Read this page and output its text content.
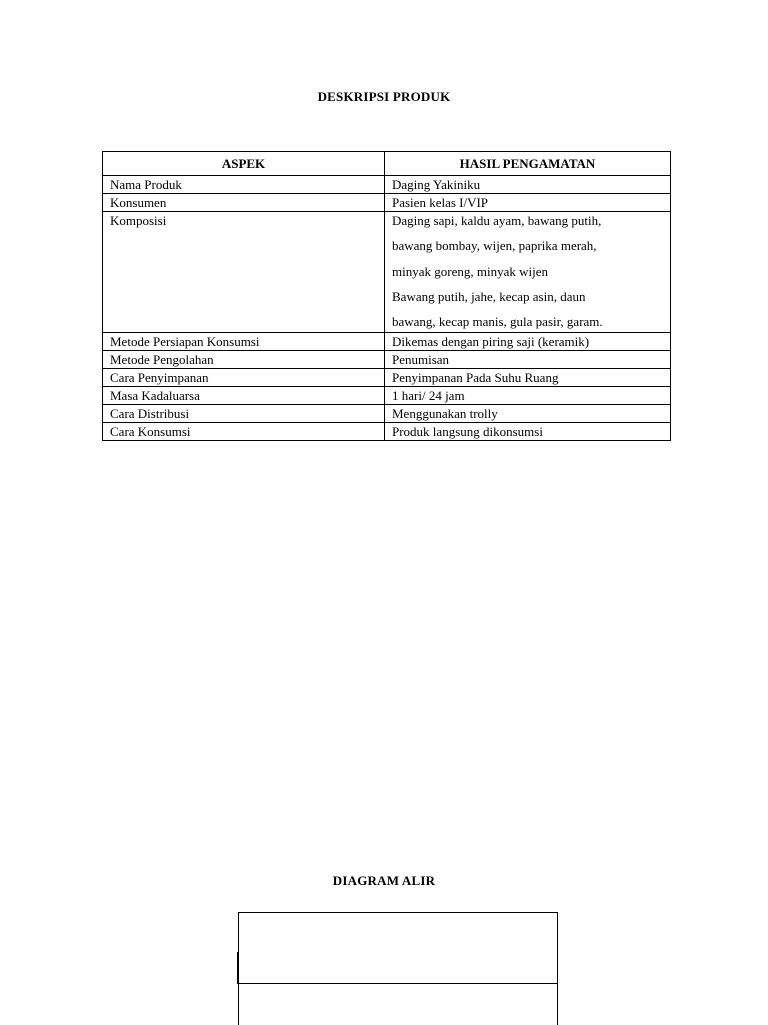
DESKRIPSI PRODUK
ASPEK	HASIL PENGAMATAN
Nama Produk	Daging Yakiniku
Konsumen	Pasien kelas I/VIP
Komposisi	Daging sapi, kaldu ayam, bawang putih,
bawang bombay, wijen, paprika merah,
minyak goreng, minyak wijen
Bawang putih, jahe, kecap asin, daun
bawang, kecap manis, gula pasir, garam.

Metode Persiapan Konsumsi	Dikemas dengan piring saji (keramik)
Metode Pengolahan	Penumisan
Cara Penyimpanan	Penyimpanan Pada Suhu Ruang
Masa Kadaluarsa	1 hari/ 24 jam
Cara Distribusi	Menggunakan trolly
Cara Konsumsi	Produk langsung dikonsumsi
DIAGRAM ALIR
